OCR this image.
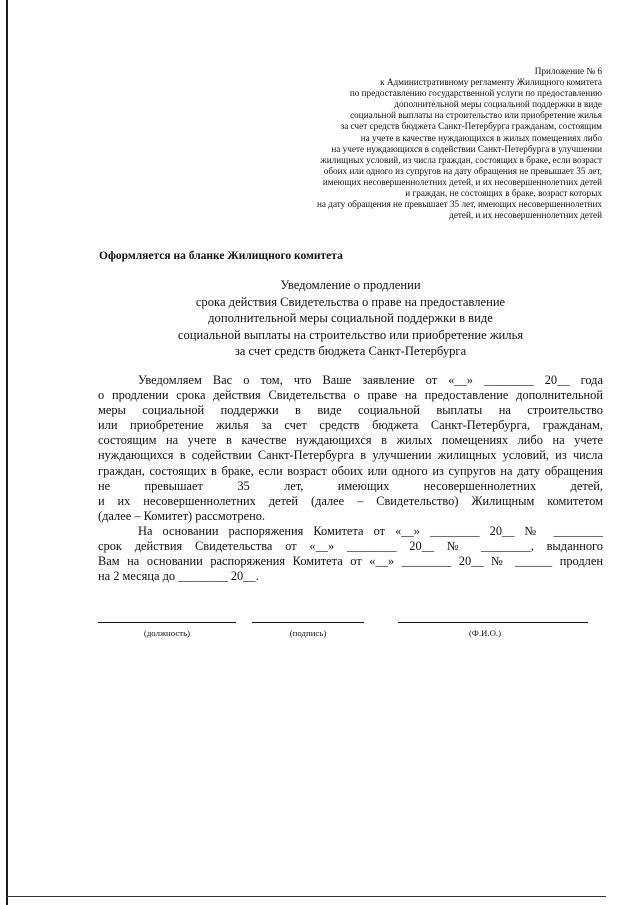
Приложение № 6
к Административному регламенту Жилищного комитета
по предоставлению государственной услуги по предоставлению
дополнительной меры социальной поддержки в виде
социальной выплаты на строительство или приобретение жилья
за счет средств бюджета Санкт-Петербурга гражданам, состоящим
на учете в качестве нуждающихся в жилых помещениях либо
на учете нуждающихся в содействии Санкт-Петербурга в улучшении
жилищных условий, из числа граждан, состоящих в браке, если возраст
обоих или одного из супругов на дату обращения не превышает 35 лет,
имеющих несовершеннолетних детей, и их несовершеннолетних детей
и граждан, не состоящих в браке, возраст которых
на дату обращения не превышает 35 лет, имеющих несовершеннолетних
детей, и их несовершеннолетних детей
Оформляется на бланке Жилищного комитета
Уведомление о продлении
срока действия Свидетельства о праве на предоставление
дополнительной меры социальной поддержки в виде
социальной выплаты на строительство или приобретение жилья
за счет средств бюджета Санкт-Петербурга
Уведомляем Вас о том, что Ваше заявление от «__» ________ 20__ года
о продлении срока действия Свидетельства о праве на предоставление дополнительной
меры социальной поддержки в виде социальной выплаты на строительство
или приобретение жилья за счет средств бюджета Санкт-Петербурга, гражданам,
состоящим на учете в качестве нуждающихся в жилых помещениях либо на учете
нуждающихся в содействии Санкт-Петербурга в улучшении жилищных условий, из числа
граждан, состоящих в браке, если возраст обоих или одного из супругов на дату обращения
не превышает 35 лет, имеющих несовершеннолетних детей,
и их несовершеннолетних детей (далее – Свидетельство) Жилищным комитетом
(далее – Комитет) рассмотрено.
На основании распоряжения Комитета от «__» ________ 20__ № ________
срок действия Свидетельства от «__» ________ 20__ № ________, выданного
Вам на основании распоряжения Комитета от «__» ________ 20__ № ______ продлен
на 2 месяца до ________ 20__.
(должность)	(подпись)	(Ф.И.О.)
